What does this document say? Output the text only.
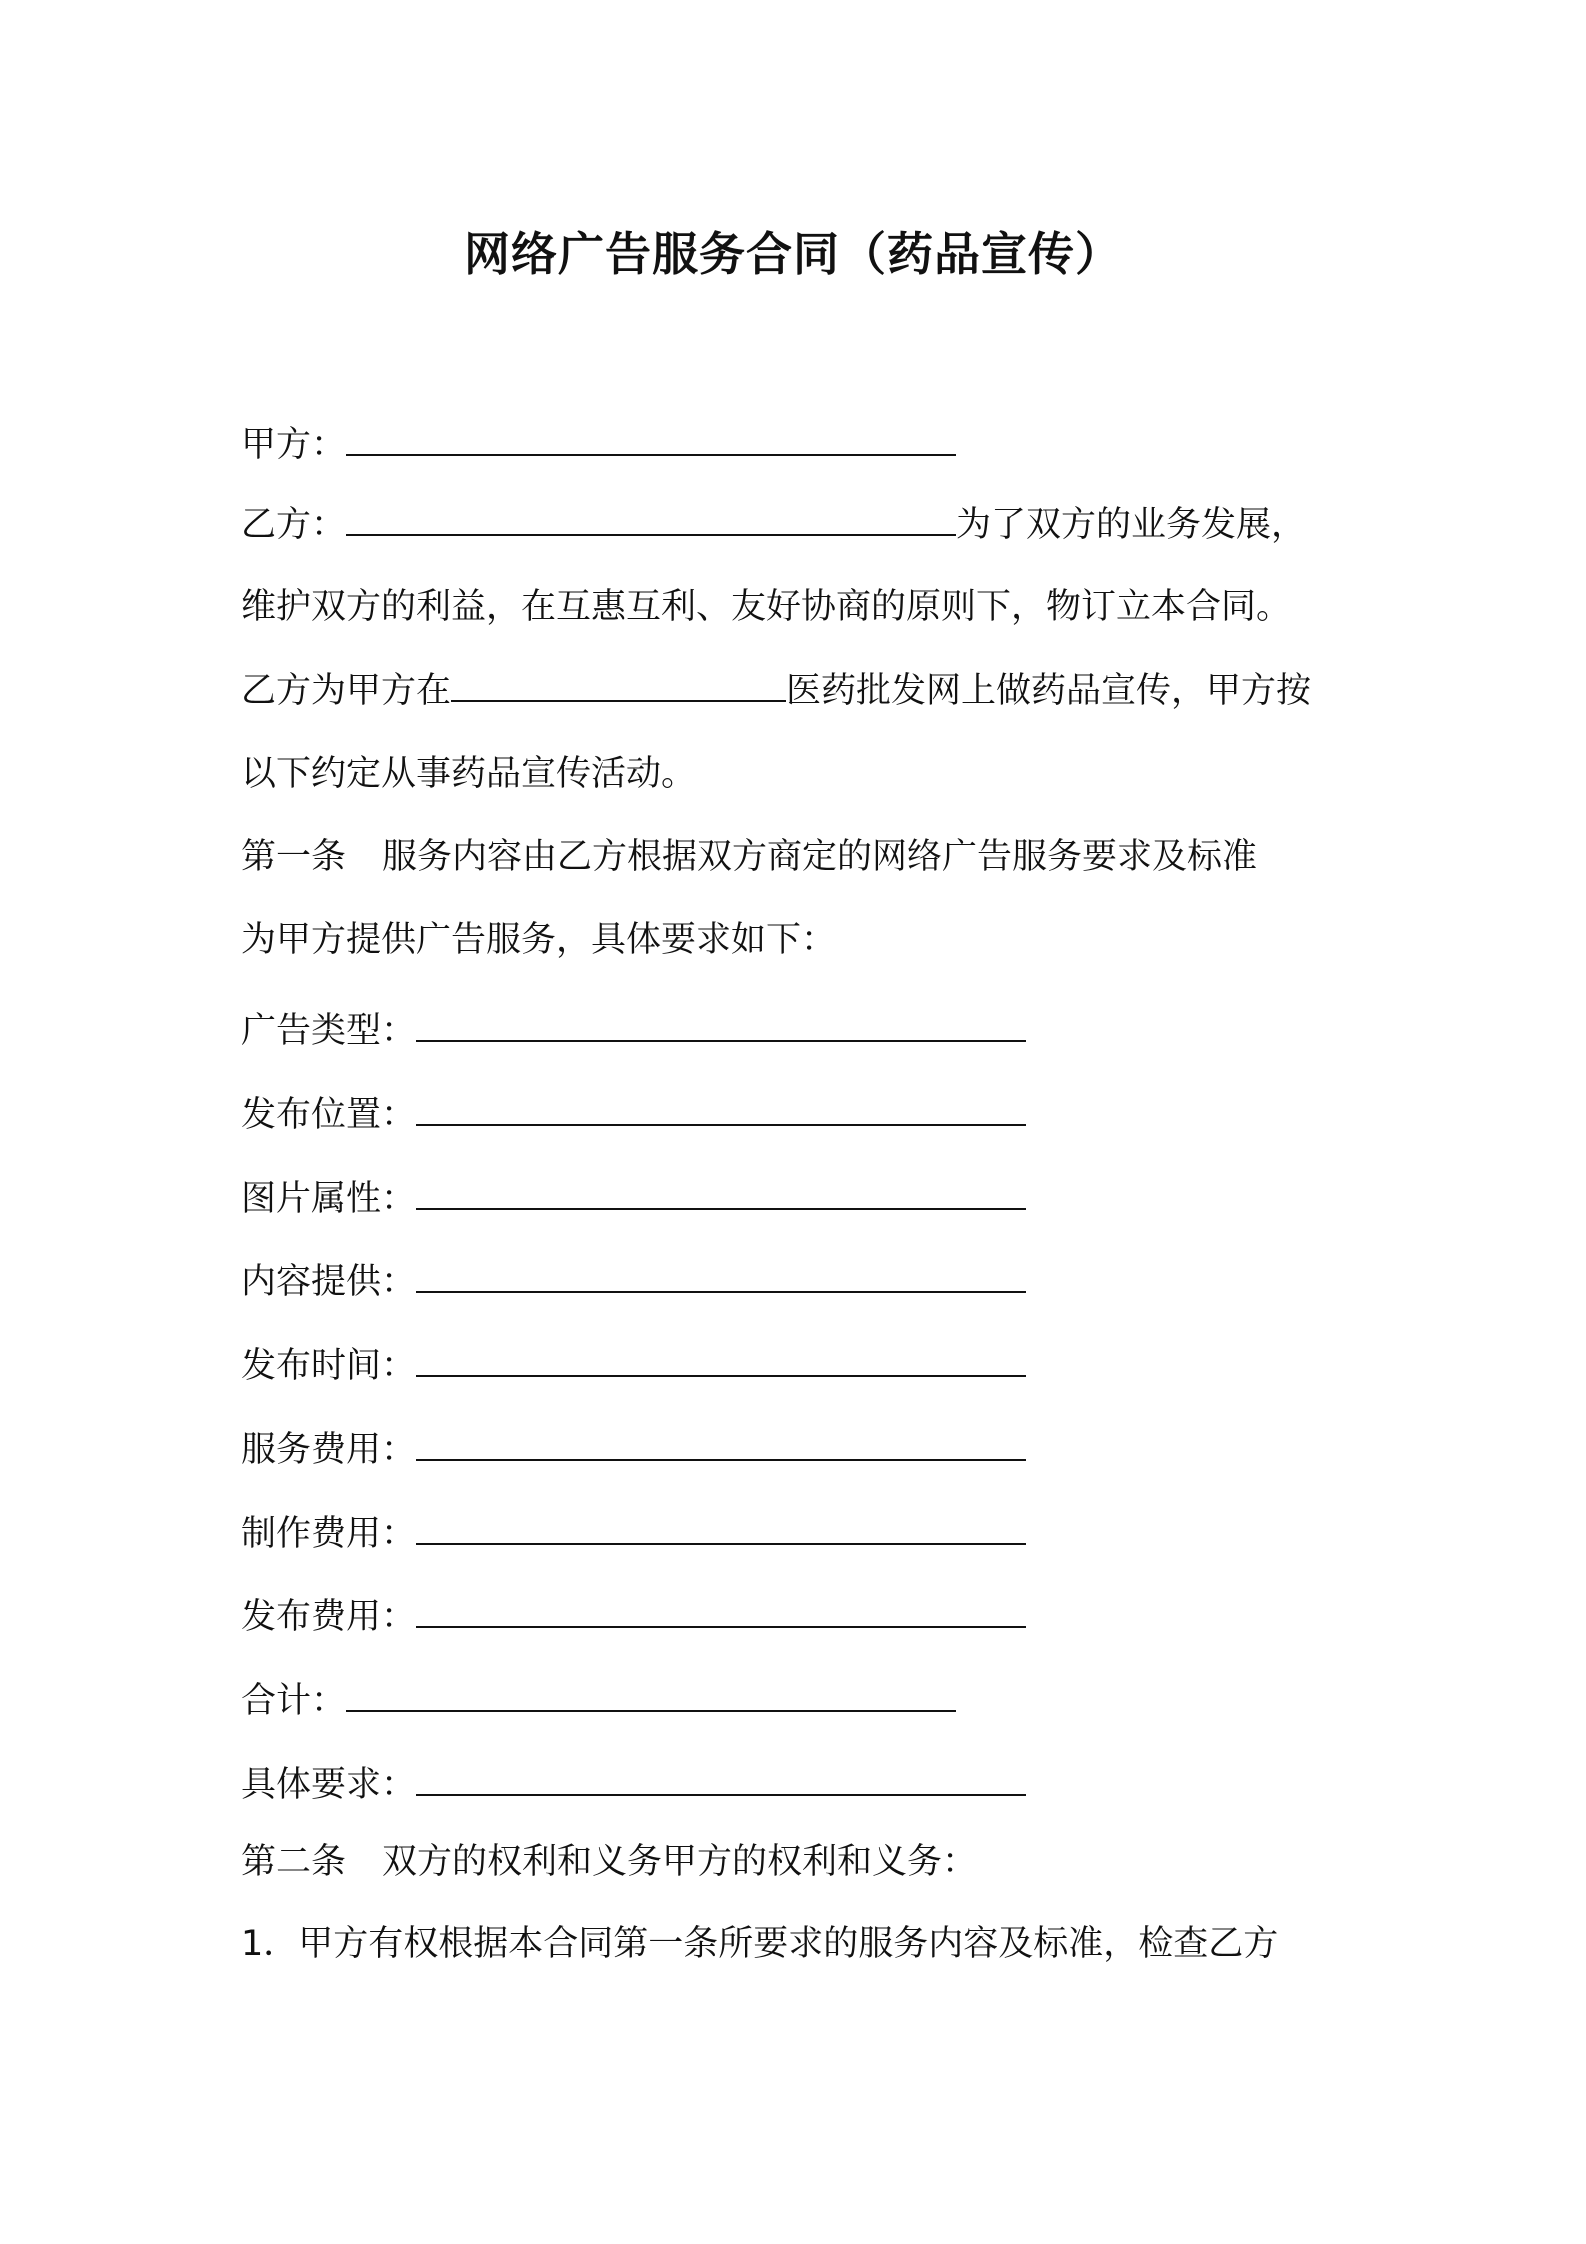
网络广告服务合同（药品宣传）
甲方：
乙方：	为了双方的业务发展，
维护双方的利益，在互惠互利、友好协商的原则下，物订立本合同。
乙方为甲方在	医药批发网上做药品宣传，甲方按
以下约定从事药品宣传活动。
第一条 服务内容由乙方根据双方商定的网络广告服务要求及标准
为甲方提供广告服务，具体要求如下：
广告类型：
发布位置：
图片属性：
内容提供：
发布时间：
服务费用：
制作费用：
发布费用：
合计：
具体要求：
第二条 双方的权利和义务甲方的权利和义务：
1．甲方有权根据本合同第一条所要求的服务内容及标准，检查乙方
